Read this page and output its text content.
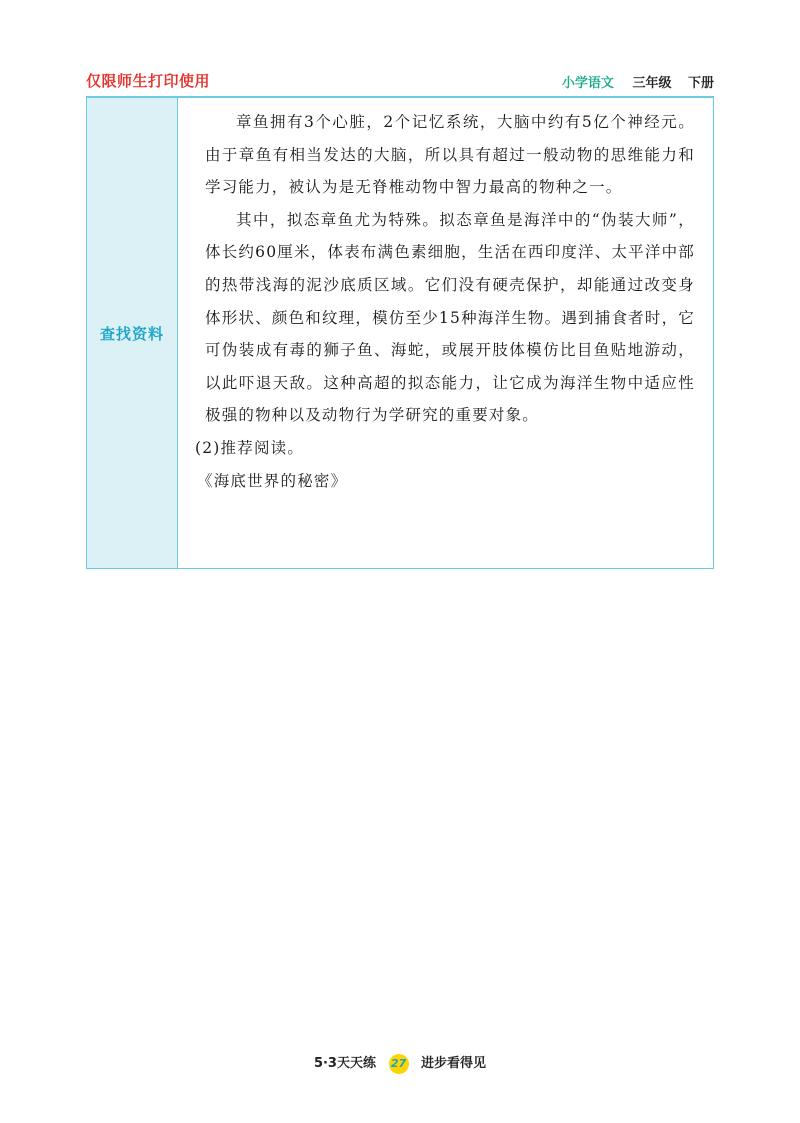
仅限师生打印使用	小学语文 三年级 下册
查找资料

章鱼拥有3个心脏，2个记忆系统，大脑中约有5亿个神经元。由于章鱼有相当发达的大脑，所以具有超过一般动物的思维能力和学习能力，被认为是无脊椎动物中智力最高的物种之一。

其中，拟态章鱼尤为特殊。拟态章鱼是海洋中的“伪装大师”，体长约60厘米，体表布满色素细胞，生活在西印度洋、太平洋中部的热带浅海的泥沙底质区域。它们没有硬壳保护，却能通过改变身体形状、颜色和纹理，模仿至少15种海洋生物。遇到捕食者时，它可伪装成有毒的狮子鱼、海蛇，或展开肢体模仿比目鱼贴地游动，以此吓退天敌。这种高超的拟态能力，让它成为海洋生物中适应性极强的物种以及动物行为学研究的重要对象。

(2)推荐阅读。

《海底世界的秘密》

5·3天天练 27 进步看得见
